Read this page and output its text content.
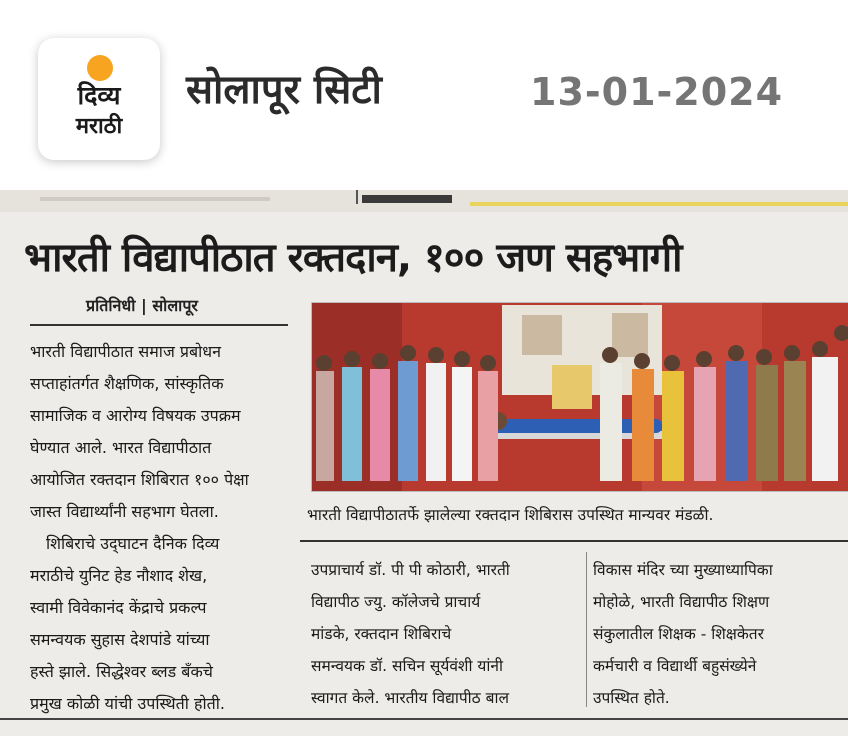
दिव्य
मराठी
सोलापूर सिटी	13-01-2024
भारती विद्यापीठात रक्तदान, १०० जण सहभागी
प्रतिनिधी | सोलापूर
भारती विद्यापीठात समाज प्रबोधन
सप्ताहांतर्गत शैक्षणिक, सांस्कृतिक
सामाजिक व आरोग्य विषयक उपक्रम
घेण्यात आले. भारत विद्यापीठात
आयोजित रक्तदान शिबिरात १०० पेक्षा
जास्त विद्यार्थ्यांनी सहभाग घेतला.
शिबिराचे उद्‌घाटन दैनिक दिव्य
मराठीचे युनिट हेड नौशाद शेख,
स्वामी विवेकानंद केंद्राचे प्रकल्प
समन्वयक सुहास देशपांडे यांच्या
हस्ते झाले. सिद्धेश्वर ब्लड बँकचे
प्रमुख कोळी यांची उपस्थिती होती.
भारती विद्यापीठातर्फे झालेल्या रक्तदान शिबिरास उपस्थित मान्यवर मंडळी.
उपप्राचार्य डॉ. पी पी कोठारी, भारती
विद्यापीठ ज्यु. कॉलेजचे प्राचार्य
मांडके, रक्तदान शिबिराचे
समन्वयक डॉ. सचिन सूर्यवंशी यांनी
स्वागत केले. भारतीय विद्यापीठ बाल
विकास मंदिर च्या मुख्याध्यापिका
मोहोळे, भारती विद्यापीठ शिक्षण
संकुलातील शिक्षक - शिक्षकेतर
कर्मचारी व विद्यार्थी बहुसंख्येने
उपस्थित होते.
